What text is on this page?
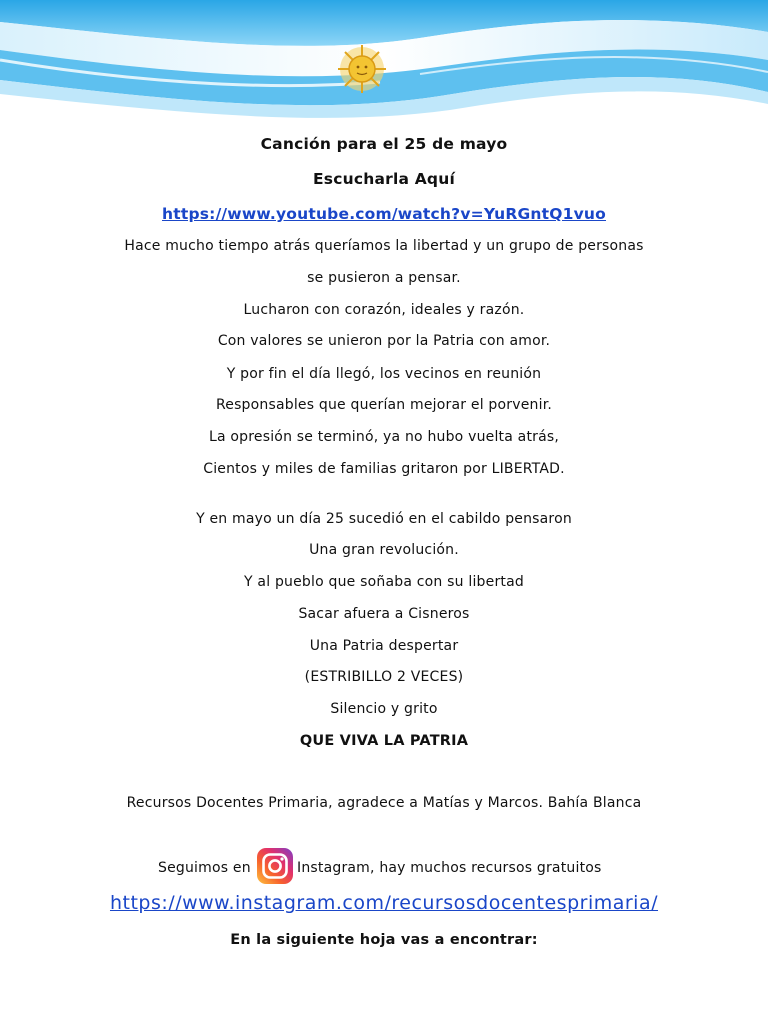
Canción para el 25 de mayo
Escucharla Aquí
https://www.youtube.com/watch?v=YuRGntQ1vuo
Hace mucho tiempo atrás queríamos la libertad y un grupo de personas
se pusieron a pensar.
Lucharon con corazón, ideales y razón.
Con valores se unieron por la Patria con amor.
Y por fin el día llegó, los vecinos en reunión
Responsables que querían mejorar el porvenir.
La opresión se terminó, ya no hubo vuelta atrás,
Cientos y miles de familias gritaron por LIBERTAD.
Y en mayo un día 25 sucedió en el cabildo pensaron
Una gran revolución.
Y al pueblo que soñaba con su libertad
Sacar afuera a Cisneros
Una Patria despertar
(ESTRIBILLO 2 VECES)
Silencio y grito
QUE VIVA LA PATRIA
Recursos Docentes Primaria, agradece a Matías y Marcos. Bahía Blanca
Seguimos en	Instagram, hay muchos recursos gratuitos
https://www.instagram.com/recursosdocentesprimaria/
En la siguiente hoja vas a encontrar:
